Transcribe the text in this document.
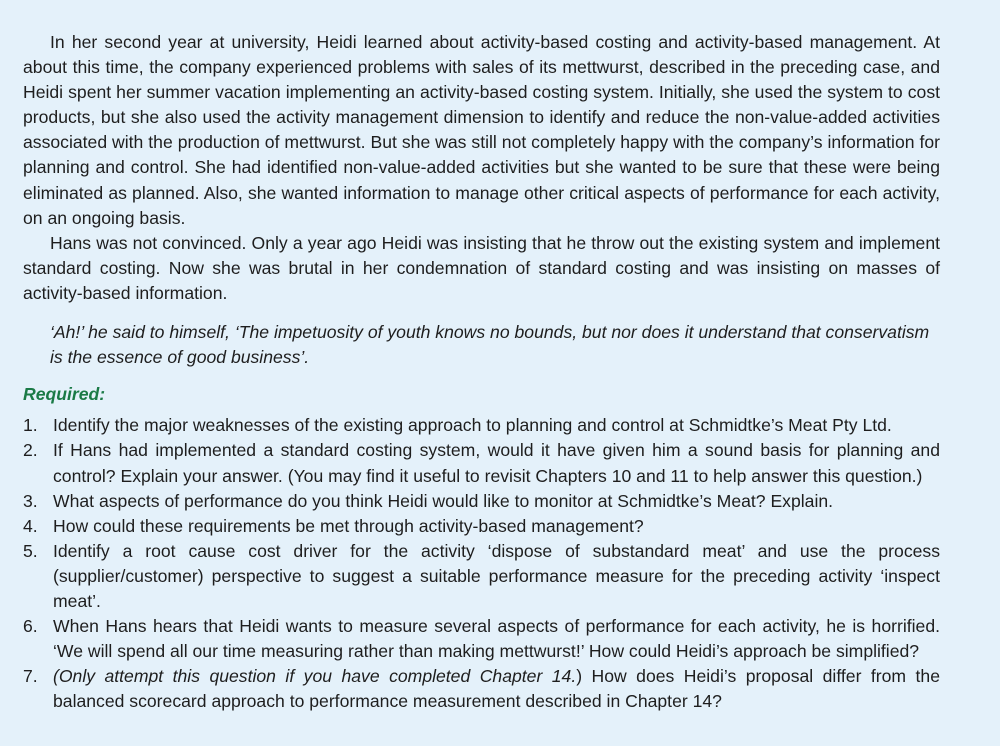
In her second year at university, Heidi learned about activity-based costing and activity-based management. At about this time, the company experienced problems with sales of its mettwurst, described in the preceding case, and Heidi spent her summer vacation implementing an activity-based costing system. Initially, she used the system to cost products, but she also used the activity management dimension to identify and reduce the non-value-added activities associated with the production of mettwurst. But she was still not completely happy with the company’s information for planning and control. She had identified non-value-added activities but she wanted to be sure that these were being eliminated as planned. Also, she wanted information to manage other critical aspects of performance for each activity, on an ongoing basis.

Hans was not convinced. Only a year ago Heidi was insisting that he throw out the existing system and implement standard costing. Now she was brutal in her condemnation of standard costing and was insisting on masses of activity-based information.

‘Ah!’ he said to himself, ‘The impetuosity of youth knows no bounds, but nor does it understand that conservatism is the essence of good business’.

Required:
1. Identify the major weaknesses of the existing approach to planning and control at Schmidtke’s Meat Pty Ltd.
2. If Hans had implemented a standard costing system, would it have given him a sound basis for planning and control? Explain your answer. (You may find it useful to revisit Chapters 10 and 11 to help answer this question.)
3. What aspects of performance do you think Heidi would like to monitor at Schmidtke’s Meat? Explain.
4. How could these requirements be met through activity-based management?
5. Identify a root cause cost driver for the activity ‘dispose of substandard meat’ and use the process (supplier/customer) perspective to suggest a suitable performance measure for the preceding activity ‘inspect meat’.
6. When Hans hears that Heidi wants to measure several aspects of performance for each activity, he is horrified. ‘We will spend all our time measuring rather than making mettwurst!’ How could Heidi’s approach be simplified?
7. (Only attempt this question if you have completed Chapter 14.) How does Heidi’s proposal differ from the balanced scorecard approach to performance measurement described in Chapter 14?
